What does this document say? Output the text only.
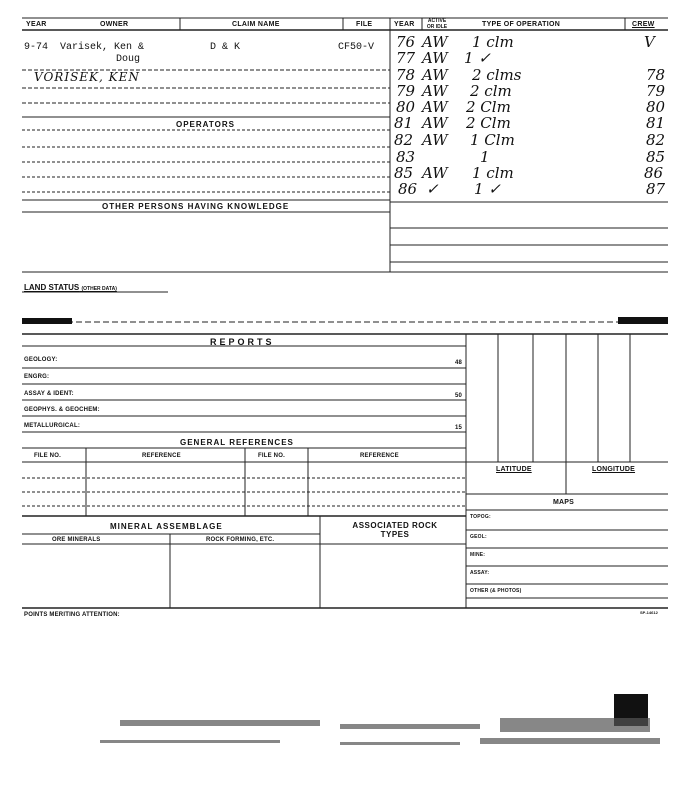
YEAR	OWNER	CLAIM NAME	FILE	YEAR	ACTIVE OR IDLE	TYPE OF OPERATION	CREW
9-74 Varisek, Ken &
Doug
D & K	CF50-V
VORISEK, KEN
76 AW 1 clm	V
77 AW 1 ✓
78 AW 2 clms	78
79 AW 2 clm	79
80 AW 2 Clm	80
81 AW 2 Clm	81
82 AW 1 Clm	82
83	1	85
85 AW 1 clm	86
86 ✓ 1 ✓	87
OPERATORS
OTHER PERSONS HAVING KNOWLEDGE
LAND STATUS (OTHER DATA)
REPORTS
GEOLOGY:	48
ENGRG:
ASSAY & IDENT:	50
GEOPHYS. & GEOCHEM:
METALLURGICAL:	15
GENERAL REFERENCES
FILE NO.	REFERENCE	FILE NO.	REFERENCE
LATITUDE	LONGITUDE
MAPS
TOPOG:
GEOL:
MINE:
ASSAY:
OTHER (& PHOTOS)
MINERAL ASSEMBLAGE
ORE MINERALS	ROCK FORMING, ETC.
ASSOCIATED ROCK TYPES
POINTS MERITING ATTENTION:	SP-14612
